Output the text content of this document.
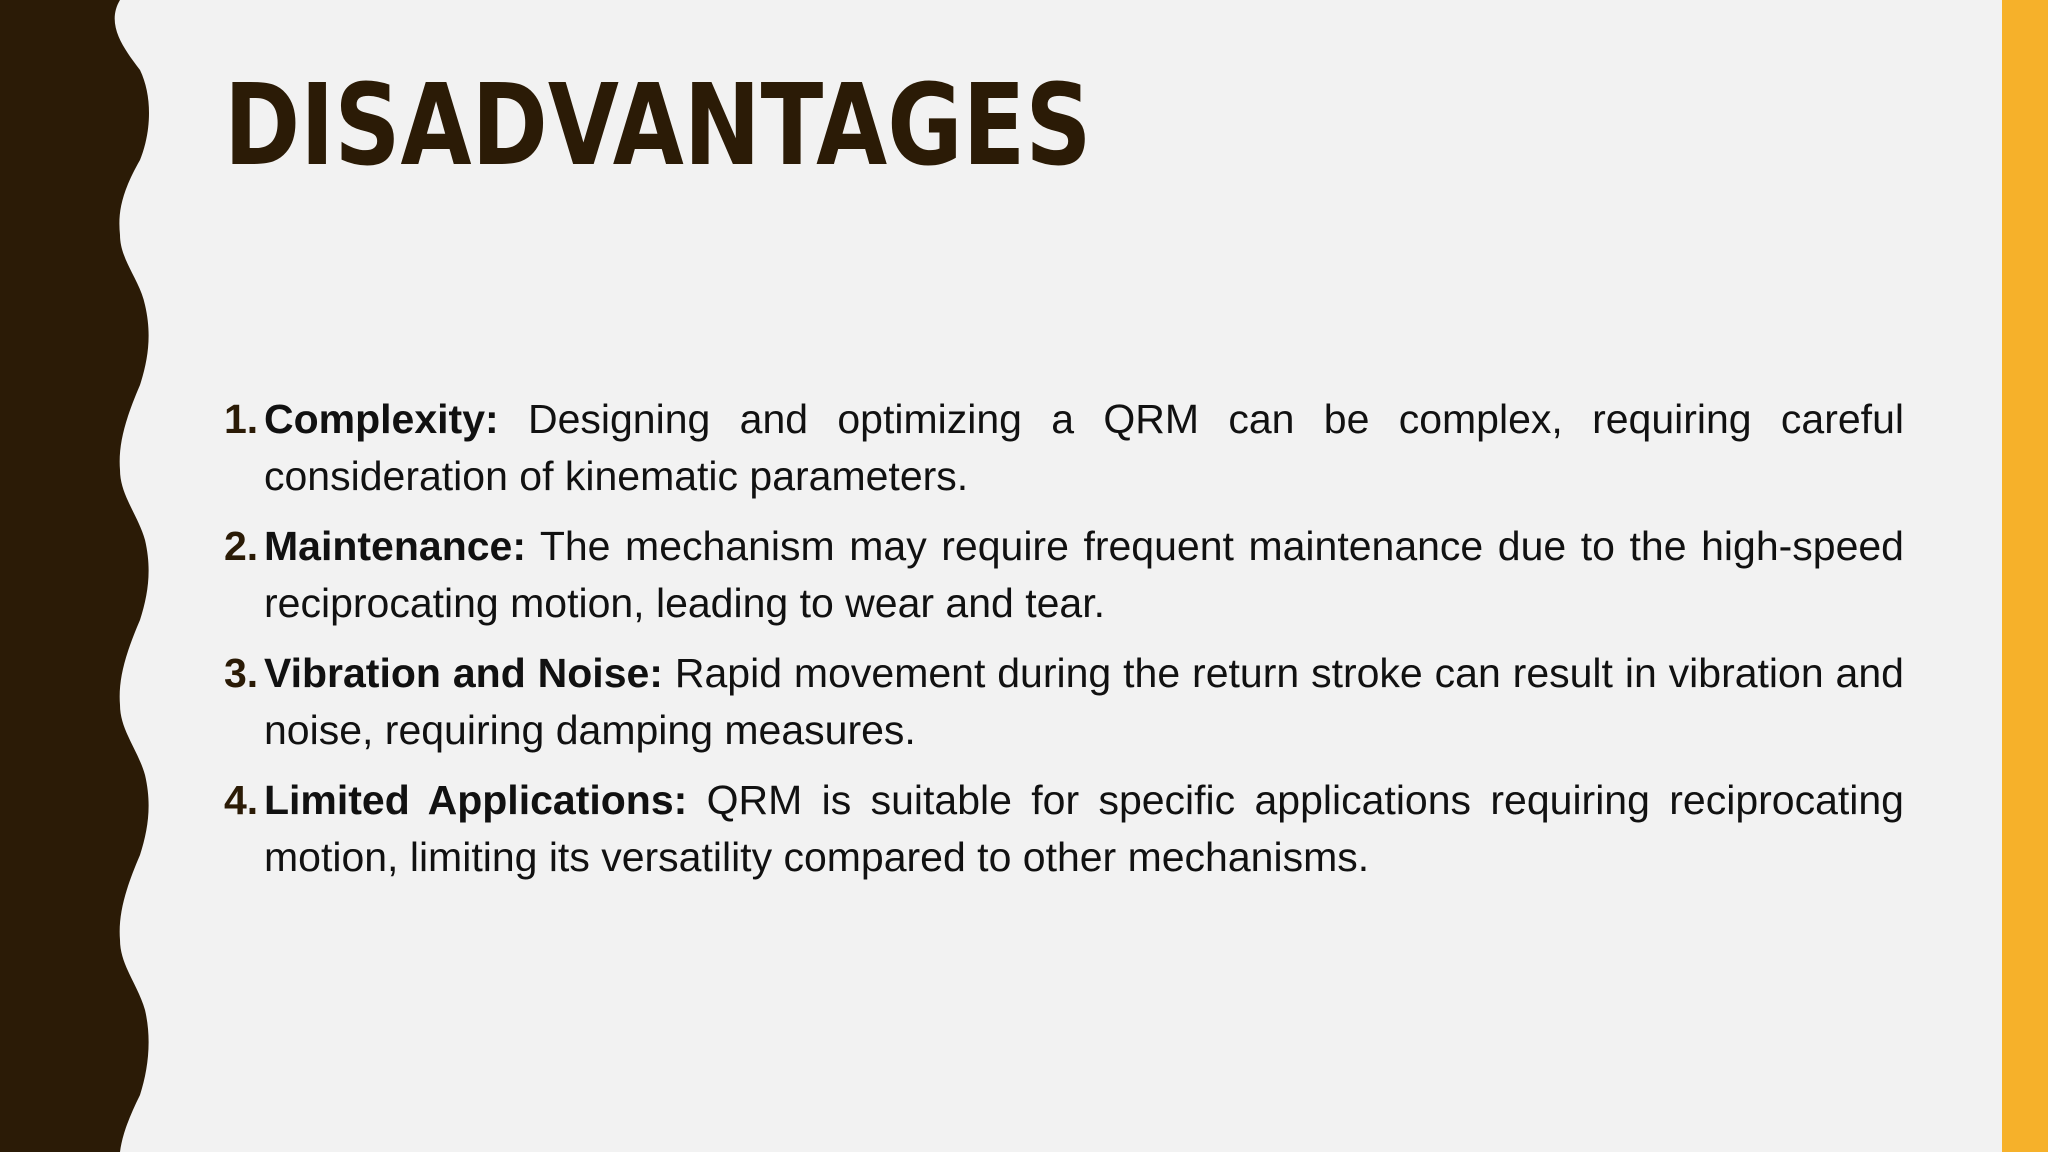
DISADVANTAGES
1. Complexity: Designing and optimizing a QRM can be complex, requiring careful consideration of kinematic parameters.
2. Maintenance: The mechanism may require frequent maintenance due to the high-speed reciprocating motion, leading to wear and tear.
3. Vibration and Noise: Rapid movement during the return stroke can result in vibration and noise, requiring damping measures.
4. Limited Applications: QRM is suitable for specific applications requiring reciprocating motion, limiting its versatility compared to other mechanisms.
